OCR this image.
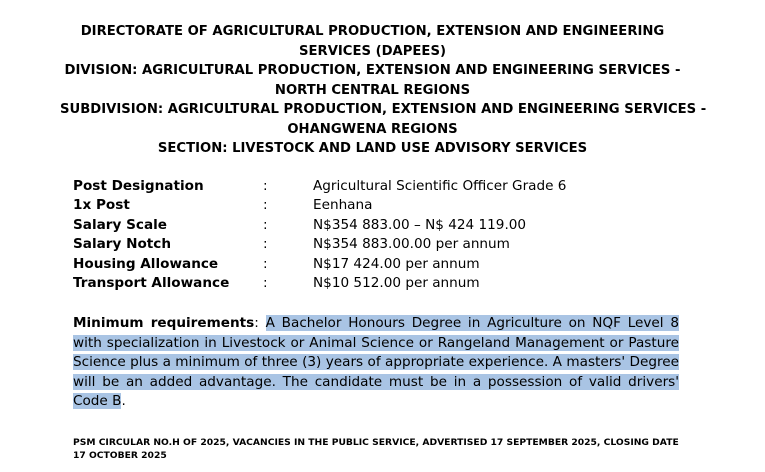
DIRECTORATE OF AGRICULTURAL PRODUCTION, EXTENSION AND ENGINEERING
SERVICES (DAPEES)
DIVISION: AGRICULTURAL PRODUCTION, EXTENSION AND ENGINEERING SERVICES -
NORTH CENTRAL REGIONS
SUBDIVISION: AGRICULTURAL PRODUCTION, EXTENSION AND ENGINEERING SERVICES -
OHANGWENA REGIONS
SECTION: LIVESTOCK AND LAND USE ADVISORY SERVICES
Post Designation	:	Agricultural Scientific Officer Grade 6
1x Post	:	Eenhana
Salary Scale	:	N$354 883.00 – N$ 424 119.00
Salary Notch	:	N$354 883.00.00 per annum
Housing Allowance	:	N$17 424.00 per annum
Transport Allowance	:	N$10 512.00 per annum
Minimum requirements: A Bachelor Honours Degree in Agriculture on NQF Level 8 with specialization in Livestock or Animal Science or Rangeland Management or Pasture Science plus a minimum of three (3) years of appropriate experience. A masters' Degree will be an added advantage. The candidate must be in a possession of valid drivers' Code B.
PSM CIRCULAR NO.H OF 2025, VACANCIES IN THE PUBLIC SERVICE, ADVERTISED 17 SEPTEMBER 2025, CLOSING DATE 17 OCTOBER 2025
